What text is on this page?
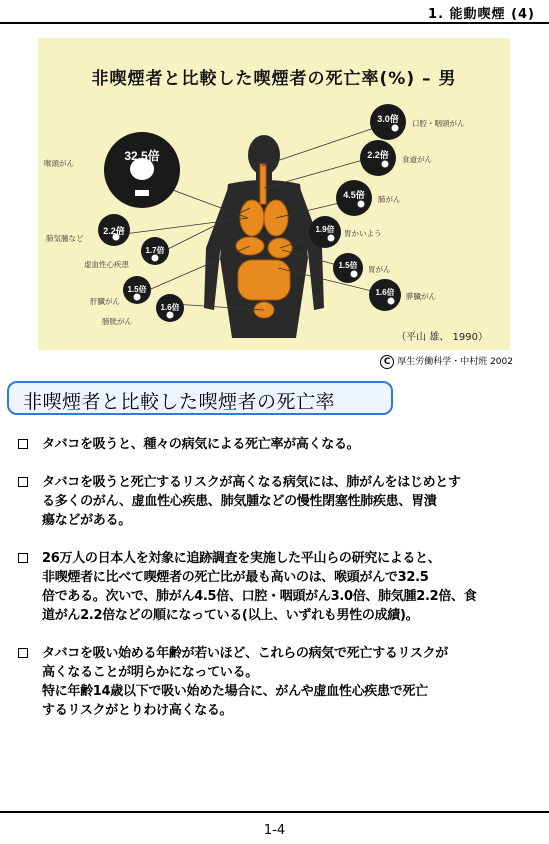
1. 能動喫煙 (4)
32.5倍
2.2倍
1.7倍
1.5倍
1.6倍
3.0倍
2.2倍
4.5倍
1.9倍
1.5倍
1.6倍
喉頭がん
肺気腫など
虚血性心疾患
肝臓がん
膀胱がん
口腔・咽頭がん
食道がん
肺がん
胃かいよう
胃がん
膵臓がん
非喫煙者と比較した喫煙者の死亡率(%) – 男
（平山 雄、 1990）
C 厚生労働科学・中村班 2002
非喫煙者と比較した喫煙者の死亡率
タバコを吸うと、種々の病気による死亡率が高くなる。
タバコを吸うと死亡するリスクが高くなる病気には、肺がんをはじめとす
る多くのがん、虚血性心疾患、肺気腫などの慢性閉塞性肺疾患、胃潰
瘍などがある。
26万人の日本人を対象に追跡調査を実施した平山らの研究によると、
非喫煙者に比べて喫煙者の死亡比が最も高いのは、喉頭がんで32.5
倍である。次いで、肺がん4.5倍、口腔・咽頭がん3.0倍、肺気腫2.2倍、食
道がん2.2倍などの順になっている(以上、いずれも男性の成績)。
タバコを吸い始める年齢が若いほど、これらの病気で死亡するリスクが
高くなることが明らかになっている。
特に年齢14歳以下で吸い始めた場合に、がんや虚血性心疾患で死亡
するリスクがとりわけ高くなる。
1-4
